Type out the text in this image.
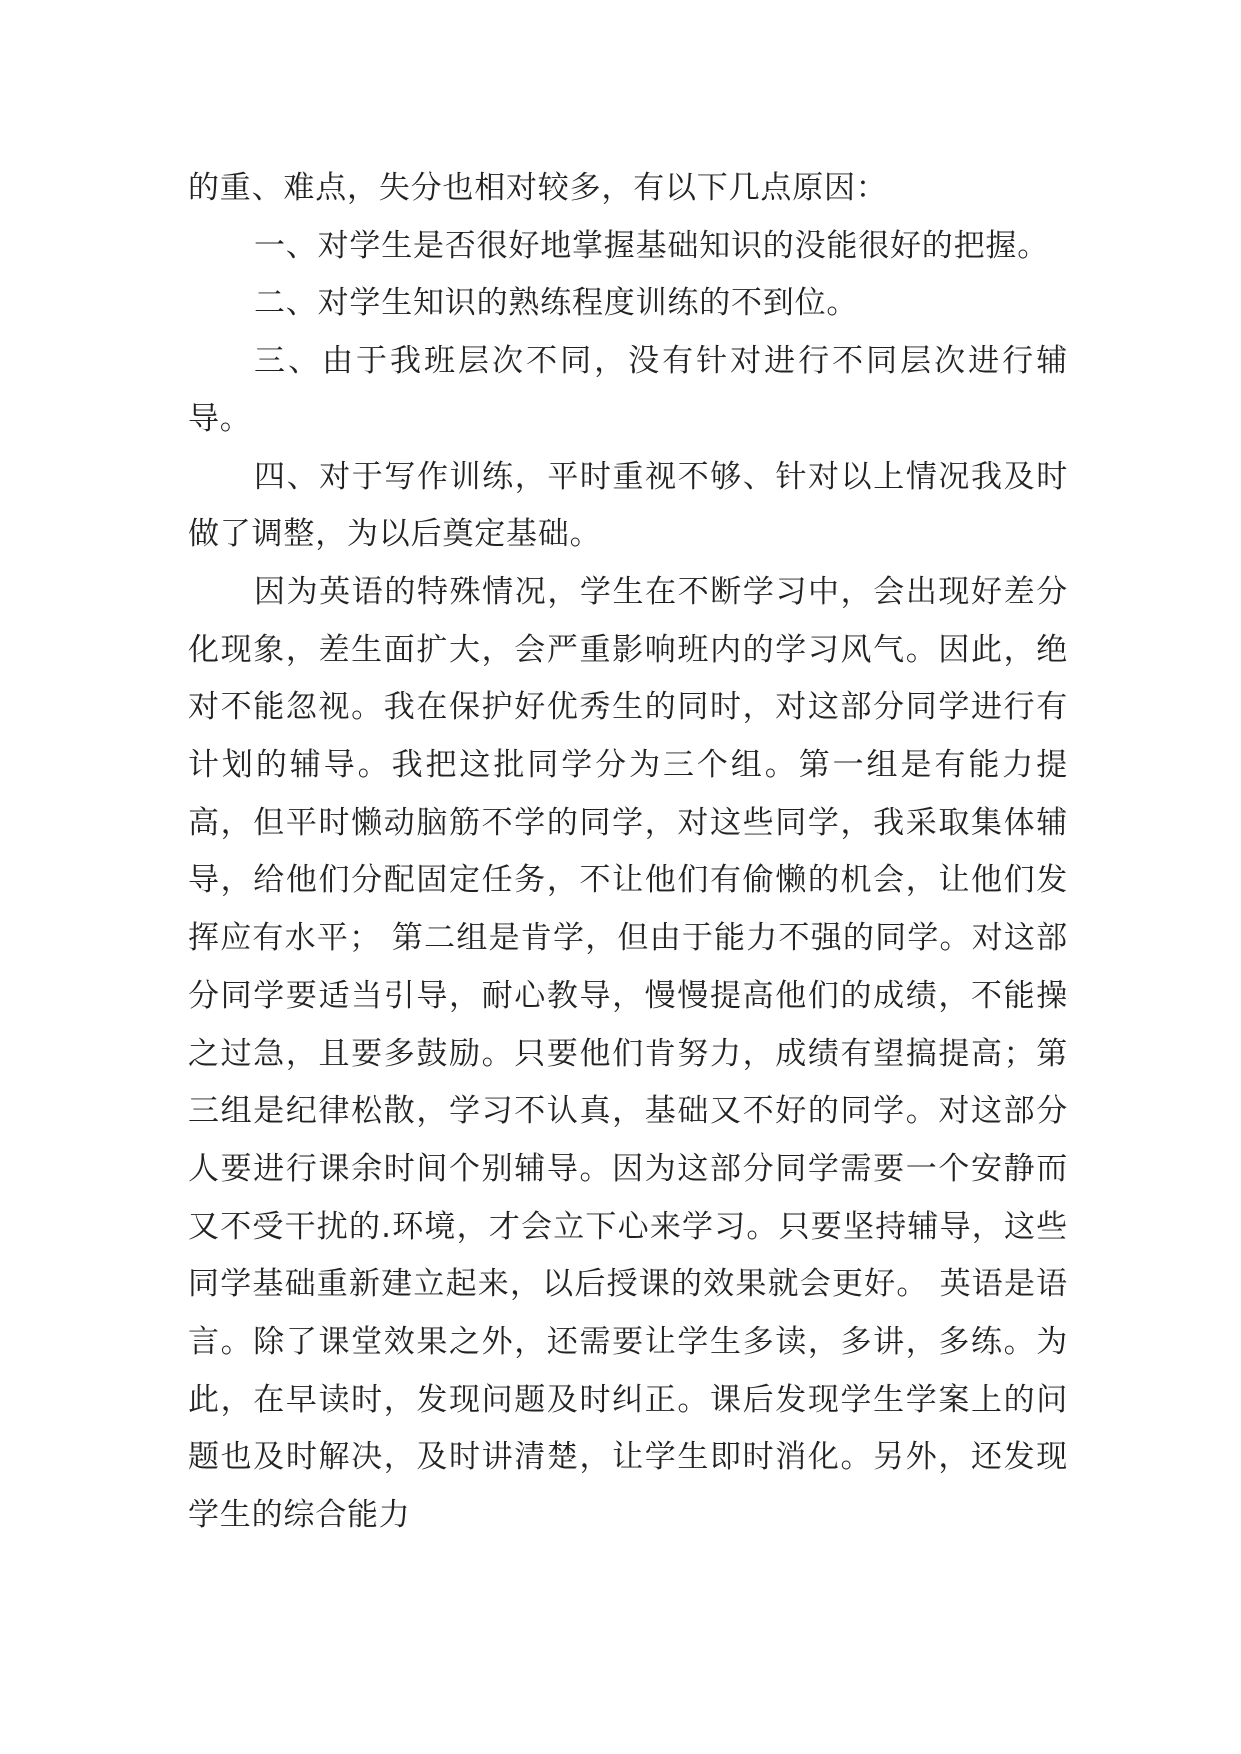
的重、难点，失分也相对较多，有以下几点原因：

一、对学生是否很好地掌握基础知识的没能很好的把握。

二、对学生知识的熟练程度训练的不到位。

三、由于我班层次不同，没有针对进行不同层次进行辅导。

四、对于写作训练，平时重视不够、针对以上情况我及时做了调整，为以后奠定基础。

因为英语的特殊情况，学生在不断学习中，会出现好差分化现象，差生面扩大，会严重影响班内的学习风气。因此，绝对不能忽视。我在保护好优秀生的同时，对这部分同学进行有计划的辅导。我把这批同学分为三个组。第一组是有能力提高，但平时懒动脑筋不学的同学，对这些同学，我采取集体辅导，给他们分配固定任务，不让他们有偷懒的机会，让他们发挥应有水平； 第二组是肯学，但由于能力不强的同学。对这部分同学要适当引导，耐心教导，慢慢提高他们的成绩，不能操之过急，且要多鼓励。只要他们肯努力，成绩有望搞提高；第三组是纪律松散，学习不认真，基础又不好的同学。对这部分人要进行课余时间个别辅导。因为这部分同学需要一个安静而又不受干扰的.环境，才会立下心来学习。只要坚持辅导，这些同学基础重新建立起来，以后授课的效果就会更好。 英语是语言。除了课堂效果之外，还需要让学生多读，多讲，多练。为此，在早读时，发现问题及时纠正。课后发现学生学案上的问题也及时解决，及时讲清楚，让学生即时消化。另外，还发现学生的综合能力
